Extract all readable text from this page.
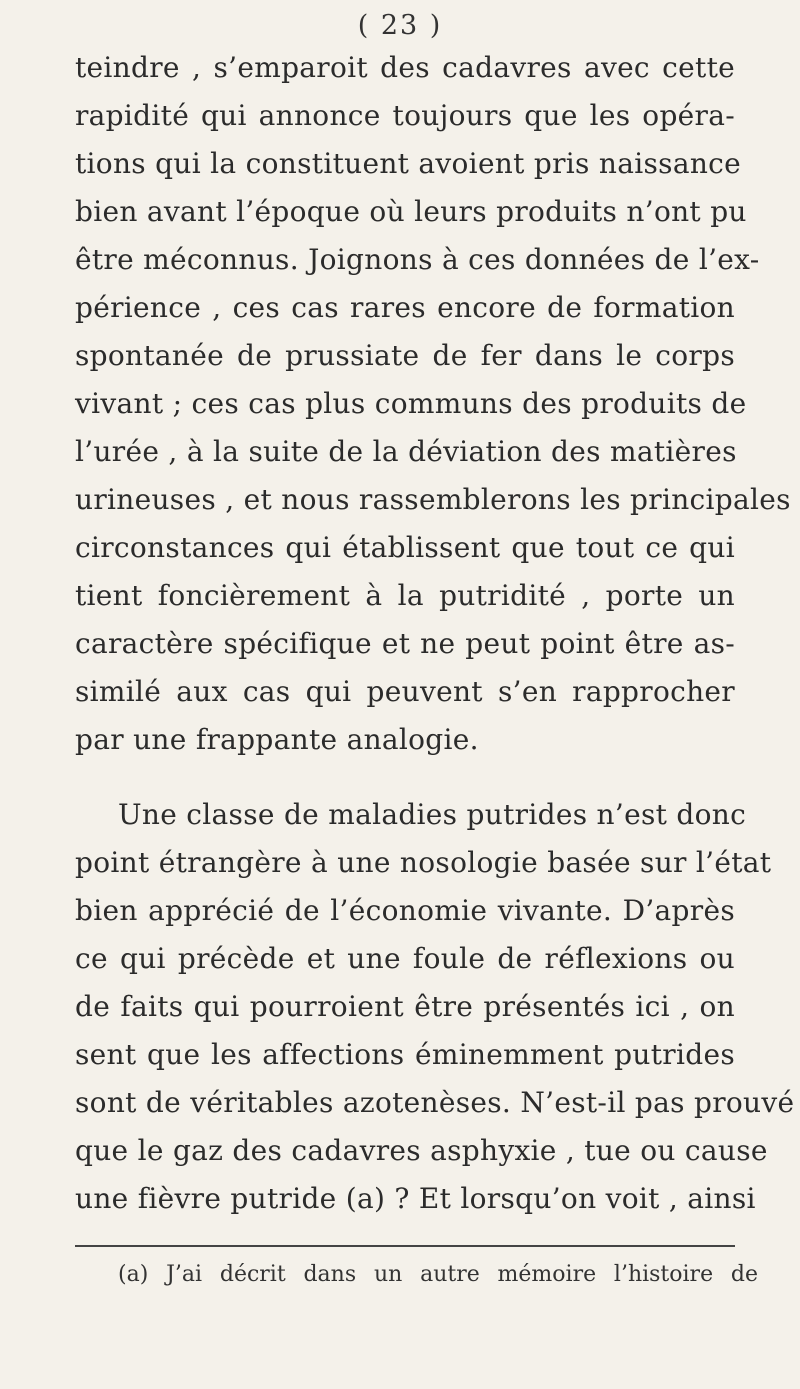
( 23 )
teindre , s’emparoit des cadavres avec cette
rapidité qui annonce toujours que les opéra-
tions qui la constituent avoient pris naissance
bien avant l’époque où leurs produits n’ont pu
être méconnus. Joignons à ces données de l’ex-
périence , ces cas rares encore de formation
spontanée de prussiate de fer dans le corps
vivant ; ces cas plus communs des produits de
l’urée , à la suite de la déviation des matières
urineuses , et nous rassemblerons les principales
circonstances qui établissent que tout ce qui
tient foncièrement à la putridité , porte un
caractère spécifique et ne peut point être as-
similé aux cas qui peuvent s’en rapprocher
par une frappante analogie.
Une classe de maladies putrides n’est donc
point étrangère à une nosologie basée sur l’état
bien apprécié de l’économie vivante. D’après
ce qui précède et une foule de réflexions ou
de faits qui pourroient être présentés ici , on
sent que les affections éminemment putrides
sont de véritables azotenèses. N’est-il pas prouvé
que le gaz des cadavres asphyxie , tue ou cause
une fièvre putride (a) ? Et lorsqu’on voit , ainsi
(a) J’ai décrit dans un autre mémoire l’histoire de
